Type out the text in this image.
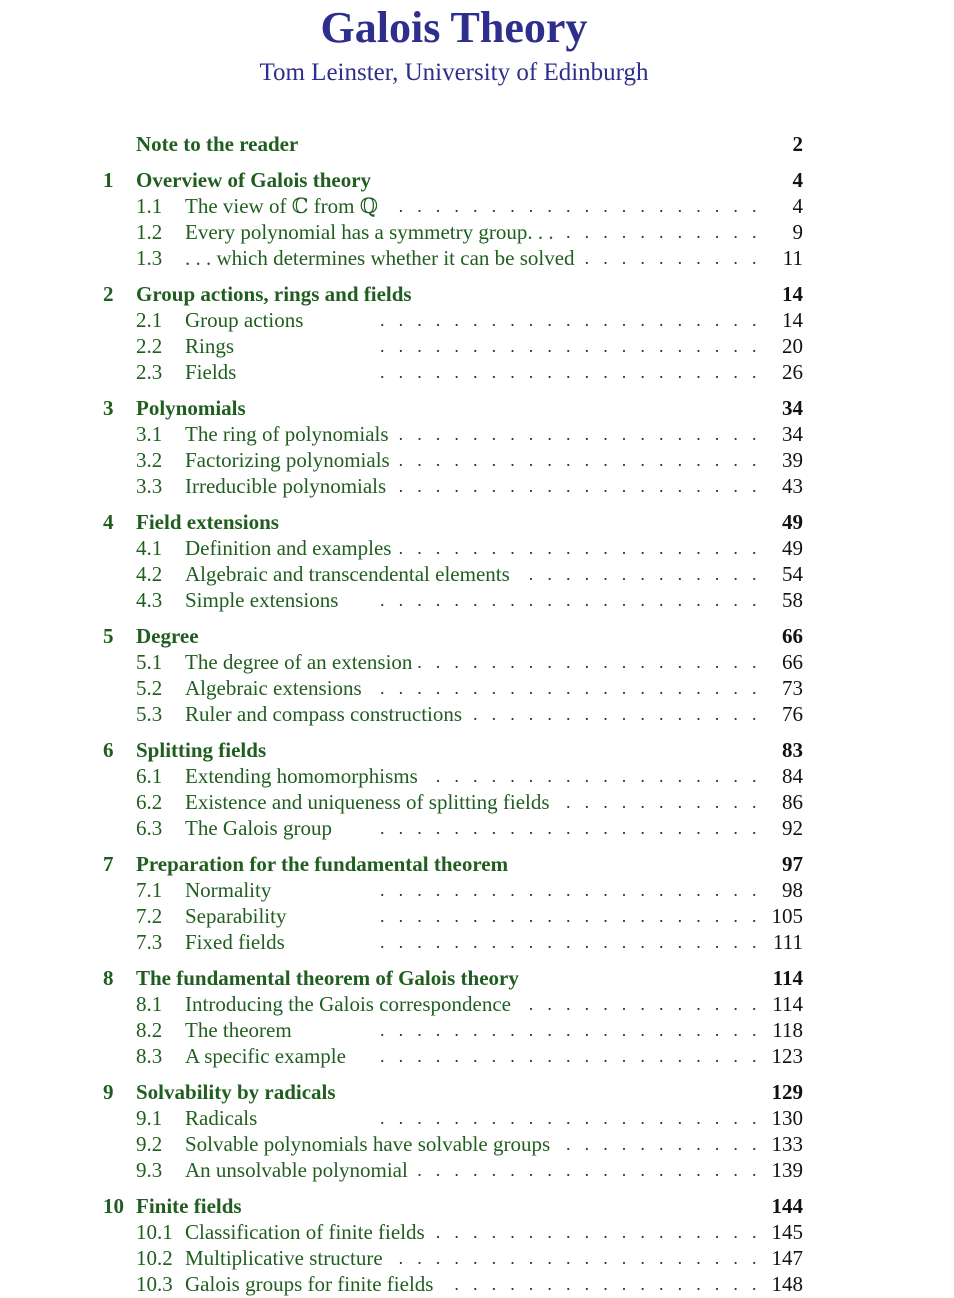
Galois Theory
Tom Leinster, University of Edinburgh
Note to the reader	2
1 Overview of Galois theory	4
1.1 . . . The view of ℂ from ℚ	4
1.2 . . . Every polynomial has a symmetry group. . .	9
1.3 . . . . . . which determines whether it can be solved	11
2 Group actions, rings and fields	14
2.1 . . . Group actions	14
2.2 . . . Rings	20
2.3 . . . Fields	26
3 Polynomials	34
3.1 . . . The ring of polynomials	34
3.2 . . . Factorizing polynomials	39
3.3 . . . Irreducible polynomials	43
4 Field extensions	49
4.1 . . . Definition and examples	49
4.2 . . . Algebraic and transcendental elements	54
4.3 . . . Simple extensions	58
5 Degree	66
5.1 . . . The degree of an extension	66
5.2 . . . Algebraic extensions	73
5.3 . . . Ruler and compass constructions	76
6 Splitting fields	83
6.1 . . . Extending homomorphisms	84
6.2 . . . Existence and uniqueness of splitting fields	86
6.3 . . . The Galois group	92
7 Preparation for the fundamental theorem	97
7.1 . . . Normality	98
7.2 . . . Separability	105
7.3 . . . Fixed fields	111
8 The fundamental theorem of Galois theory	114
8.1 . . . Introducing the Galois correspondence	114
8.2 . . . The theorem	118
8.3 . . . A specific example	123
9 Solvability by radicals	129
9.1 . . . Radicals	130
9.2 . . . Solvable polynomials have solvable groups	133
9.3 . . . An unsolvable polynomial	139
10 Finite fields	144
10.1 . . . Classification of finite fields	145
10.2 . . . Multiplicative structure	147
10.3 . . . Galois groups for finite fields	148
